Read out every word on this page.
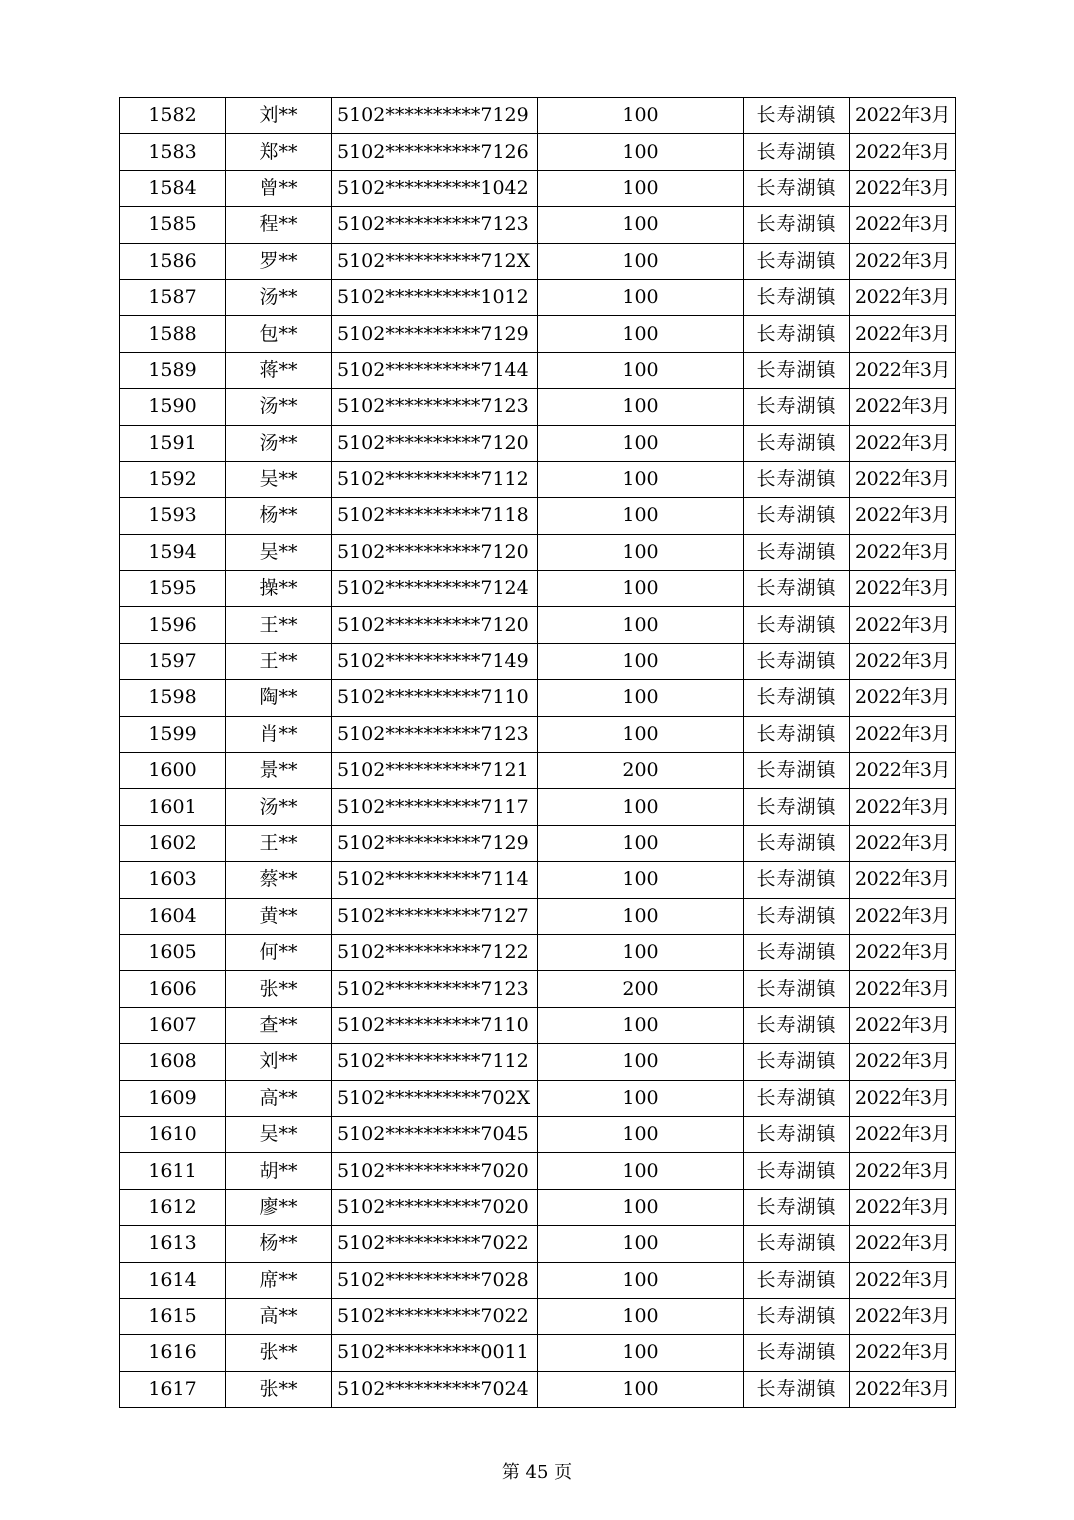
1582	刘**	5102**********7129	100	长寿湖镇	2022年3月
1583	郑**	5102**********7126	100	长寿湖镇	2022年3月
1584	曾**	5102**********1042	100	长寿湖镇	2022年3月
1585	程**	5102**********7123	100	长寿湖镇	2022年3月
1586	罗**	5102**********712X	100	长寿湖镇	2022年3月
1587	汤**	5102**********1012	100	长寿湖镇	2022年3月
1588	包**	5102**********7129	100	长寿湖镇	2022年3月
1589	蒋**	5102**********7144	100	长寿湖镇	2022年3月
1590	汤**	5102**********7123	100	长寿湖镇	2022年3月
1591	汤**	5102**********7120	100	长寿湖镇	2022年3月
1592	吴**	5102**********7112	100	长寿湖镇	2022年3月
1593	杨**	5102**********7118	100	长寿湖镇	2022年3月
1594	吴**	5102**********7120	100	长寿湖镇	2022年3月
1595	操**	5102**********7124	100	长寿湖镇	2022年3月
1596	王**	5102**********7120	100	长寿湖镇	2022年3月
1597	王**	5102**********7149	100	长寿湖镇	2022年3月
1598	陶**	5102**********7110	100	长寿湖镇	2022年3月
1599	肖**	5102**********7123	100	长寿湖镇	2022年3月
1600	景**	5102**********7121	200	长寿湖镇	2022年3月
1601	汤**	5102**********7117	100	长寿湖镇	2022年3月
1602	王**	5102**********7129	100	长寿湖镇	2022年3月
1603	蔡**	5102**********7114	100	长寿湖镇	2022年3月
1604	黄**	5102**********7127	100	长寿湖镇	2022年3月
1605	何**	5102**********7122	100	长寿湖镇	2022年3月
1606	张**	5102**********7123	200	长寿湖镇	2022年3月
1607	查**	5102**********7110	100	长寿湖镇	2022年3月
1608	刘**	5102**********7112	100	长寿湖镇	2022年3月
1609	高**	5102**********702X	100	长寿湖镇	2022年3月
1610	吴**	5102**********7045	100	长寿湖镇	2022年3月
1611	胡**	5102**********7020	100	长寿湖镇	2022年3月
1612	廖**	5102**********7020	100	长寿湖镇	2022年3月
1613	杨**	5102**********7022	100	长寿湖镇	2022年3月
1614	席**	5102**********7028	100	长寿湖镇	2022年3月
1615	高**	5102**********7022	100	长寿湖镇	2022年3月
1616	张**	5102**********0011	100	长寿湖镇	2022年3月
1617	张**	5102**********7024	100	长寿湖镇	2022年3月
第 45 页
